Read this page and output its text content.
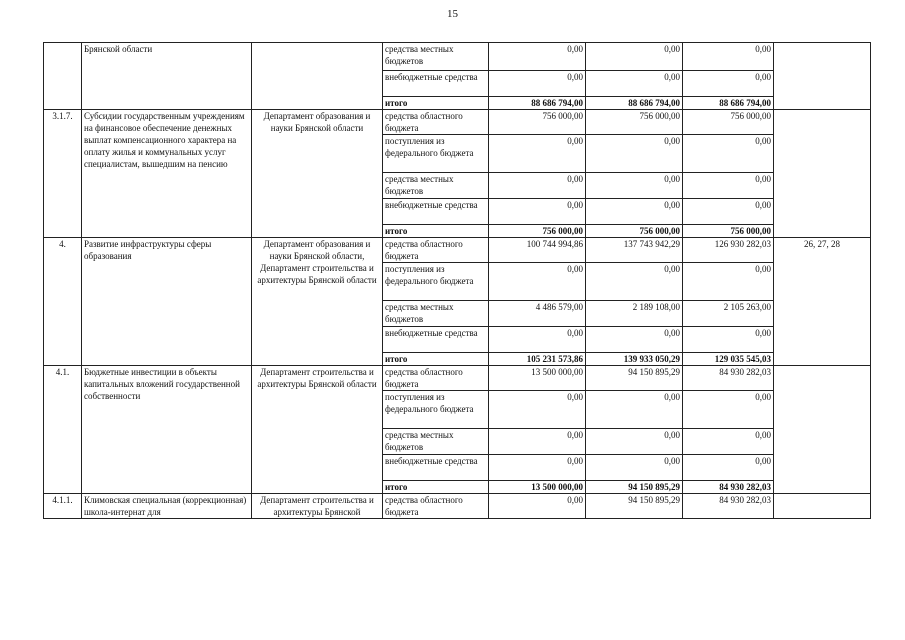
15
	Брянской области		средства местных бюджетов	0,00	0,00	0,00	
			внебюджетные средства	0,00	0,00	0,00	
			итого	88 686 794,00	88 686 794,00	88 686 794,00	
3.1.7.	Субсидии государственным учреждениям на финансовое обеспечение денежных выплат компенсационного характера на оплату жилья и коммунальных услуг специалистам, вышедшим на пенсию	Департамент образования и науки Брянской области	средства областного бюджета	756 000,00	756 000,00	756 000,00	
			поступления из федерального бюджета	0,00	0,00	0,00	
			средства местных бюджетов	0,00	0,00	0,00	
			внебюджетные средства	0,00	0,00	0,00	
			итого	756 000,00	756 000,00	756 000,00	
4.	Развитие инфраструктуры сферы образования	Департамент образования и науки Брянской области, Департамент строительства и архитектуры Брянской области	средства областного бюджета	100 744 994,86	137 743 942,29	126 930 282,03	26, 27, 28
			поступления из федерального бюджета	0,00	0,00	0,00	
			средства местных бюджетов	4 486 579,00	2 189 108,00	2 105 263,00	
			внебюджетные средства	0,00	0,00	0,00	
			итого	105 231 573,86	139 933 050,29	129 035 545,03	
4.1.	Бюджетные инвестиции в объекты капитальных вложений государственной собственности	Департамент строительства и архитектуры Брянской области	средства областного бюджета	13 500 000,00	94 150 895,29	84 930 282,03	
			поступления из федерального бюджета	0,00	0,00	0,00	
			средства местных бюджетов	0,00	0,00	0,00	
			внебюджетные средства	0,00	0,00	0,00	
			итого	13 500 000,00	94 150 895,29	84 930 282,03	
4.1.1.	Климовская специальная (коррекционная) школа-интернат для	Департамент строительства и архитектуры Брянской	средства областного бюджета	0,00	94 150 895,29	84 930 282,03	
